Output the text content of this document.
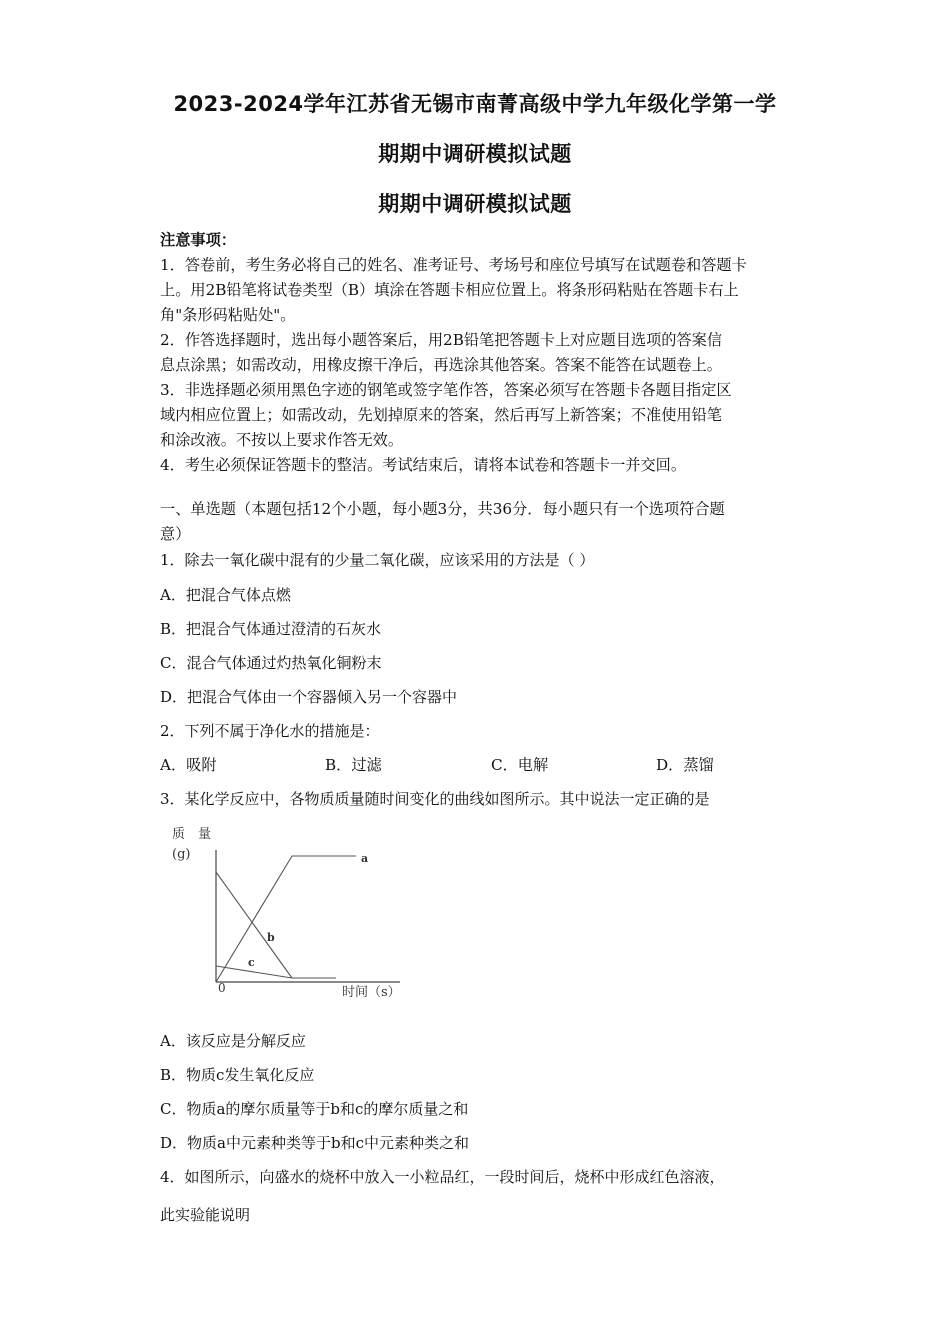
2023-2024学年江苏省无锡市南菁高级中学九年级化学第一学
期期中调研模拟试题
期期中调研模拟试题
注意事项：
1．答卷前，考生务必将自己的姓名、准考证号、考场号和座位号填写在试题卷和答题卡
上。用2B铅笔将试卷类型（B）填涂在答题卡相应位置上。将条形码粘贴在答题卡右上
角"条形码粘贴处"。
2．作答选择题时，选出每小题答案后，用2B铅笔把答题卡上对应题目选项的答案信
息点涂黑；如需改动，用橡皮擦干净后，再选涂其他答案。答案不能答在试题卷上。
3．非选择题必须用黑色字迹的钢笔或签字笔作答，答案必须写在答题卡各题目指定区
域内相应位置上；如需改动，先划掉原来的答案，然后再写上新答案；不准使用铅笔
和涂改液。不按以上要求作答无效。
4．考生必须保证答题卡的整洁。考试结束后，请将本试卷和答题卡一并交回。
一、单选题（本题包括12个小题，每小题3分，共36分．每小题只有一个选项符合题
意）
1．除去一氧化碳中混有的少量二氧化碳，应该采用的方法是（ ）
A．把混合气体点燃
B．把混合气体通过澄清的石灰水
C．混合气体通过灼热氧化铜粉末
D．把混合气体由一个容器倾入另一个容器中
2．下列不属于净化水的措施是：
A．吸附	B．过滤	C．电解	D．蒸馏
3．某化学反应中，各物质质量随时间变化的曲线如图所示。其中说法一定正确的是
质　量
(g)
时间（s）
0
a
b
c
A．该反应是分解反应
B．物质c发生氧化反应
C．物质a的摩尔质量等于b和c的摩尔质量之和
D．物质a中元素种类等于b和c中元素种类之和
4．如图所示，向盛水的烧杯中放入一小粒品红，一段时间后，烧杯中形成红色溶液，
此实验能说明
